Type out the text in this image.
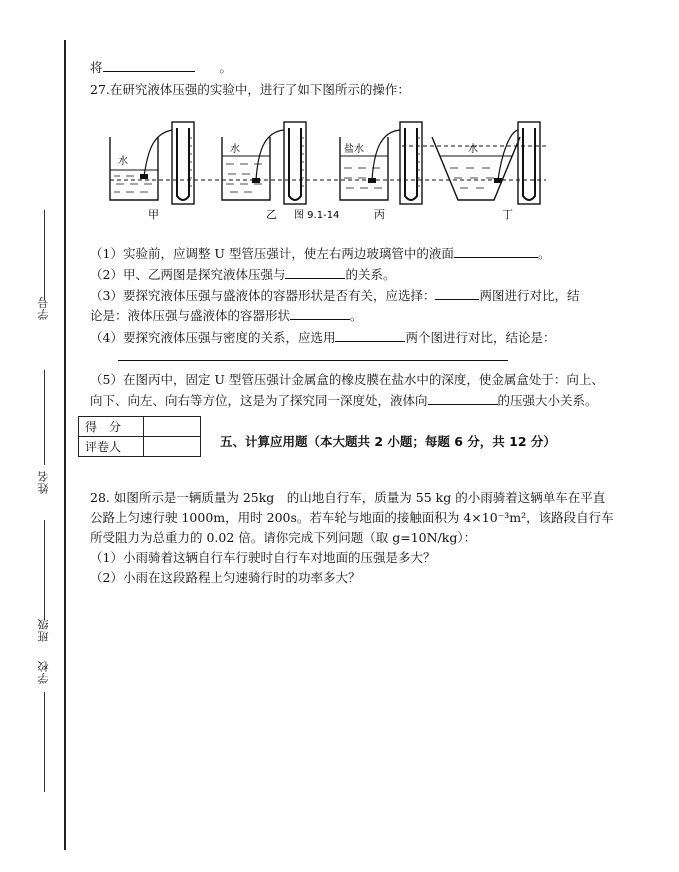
学号
姓名
班级
学校
将　　	。
27.在研究液体压强的实验中，进行了如下图所示的操作：
水
水	盐水	水
甲	乙 图 9.1-14	丙	丁
（1）实验前，应调整 U 型管压强计，使左右两边玻璃管中的液面	。
（2）甲、乙两图是探究液体压强与	的关系。
（3）要探究液体压强与盛液体的容器形状是否有关，应选择：	两图进行对比，结
论是：液体压强与盛液体的容器形状	。
（4）要探究液体压强与密度的关系，应选用	两个图进行对比，结论是：
（5）在图丙中，固定 U 型管压强计金属盒的橡皮膜在盐水中的深度，使金属盒处于：向上、
向下、向左、向右等方位，这是为了探究同一深度处，液体向	的压强大小关系。
得　分	
评卷人		五、计算应用题（本大题共 2 小题；每题 6 分，共 12 分）
28. 如图所示是一辆质量为 25kg　的山地自行车，质量为 55 kg 的小雨骑着这辆单车在平直
公路上匀速行驶 1000m，用时 200s。若车轮与地面的接触面积为 4×10⁻³m²，该路段自行车
所受阻力为总重力的 0.02 倍。请你完成下列问题（取 g=10N/kg）：
（1）小雨骑着这辆自行车行驶时自行车对地面的压强是多大？
（2）小雨在这段路程上匀速骑行时的功率多大？
